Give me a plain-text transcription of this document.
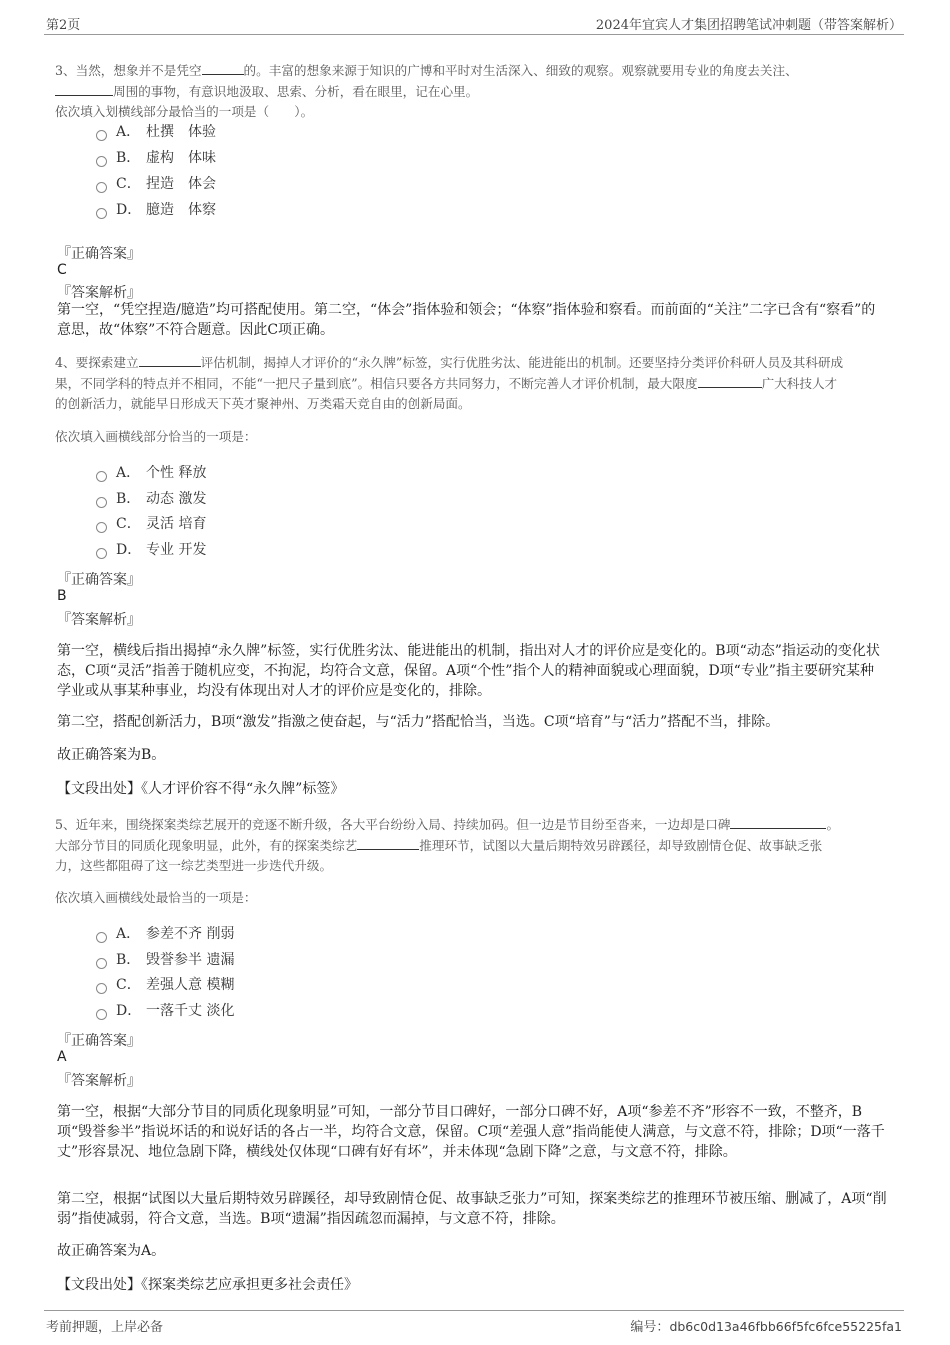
第2页	2024年宜宾人才集团招聘笔试冲刺题（带答案解析）
3、当然，想象并不是凭空	的。丰富的想象来源于知识的广博和平时对生活深入、细致的观察。观察就要用专业的角度去关注、
周围的事物，有意识地汲取、思索、分析，看在眼里，记在心里。
依次填入划横线部分最恰当的一项是（　　）。
A． 杜撰　体验
B． 虚构　体味
C． 捏造　体会
D． 臆造　体察
『正确答案』
C
『答案解析』
第一空，“凭空捏造/臆造”均可搭配使用。第二空，“体会”指体验和领会；“体察”指体验和察看。而前面的“关注”二字已含有“察看”的意思，故“体察”不符合题意。因此C项正确。
4、要探索建立	评估机制，揭掉人才评价的“永久牌”标签，实行优胜劣汰、能进能出的机制。还要坚持分类评价科研人员及其科研成
果，不同学科的特点并不相同，不能“一把尺子量到底”。相信只要各方共同努力，不断完善人才评价机制，最大限度	广大科技人才
的创新活力，就能早日形成天下英才聚神州、万类霜天竞自由的创新局面。
依次填入画横线部分恰当的一项是：
A． 个性 释放
B． 动态 激发
C． 灵活 培育
D． 专业 开发
『正确答案』
B
『答案解析』
第一空，横线后指出揭掉“永久牌”标签，实行优胜劣汰、能进能出的机制，指出对人才的评价应是变化的。B项“动态”指运动的变化状态，C项“灵活”指善于随机应变，不拘泥，均符合文意，保留。A项“个性”指个人的精神面貌或心理面貌，D项“专业”指主要研究某种学业或从事某种事业，均没有体现出对人才的评价应是变化的，排除。
第二空，搭配创新活力，B项“激发”指激之使奋起，与“活力”搭配恰当，当选。C项“培育”与“活力”搭配不当，排除。
故正确答案为B。
【文段出处】《人才评价容不得“永久牌”标签》
5、近年来，围绕探案类综艺展开的竞逐不断升级，各大平台纷纷入局、持续加码。但一边是节目纷至沓来，一边却是口碑	。
大部分节目的同质化现象明显，此外，有的探案类综艺	推理环节，试图以大量后期特效另辟蹊径，却导致剧情仓促、故事缺乏张
力，这些都阻碍了这一综艺类型进一步迭代升级。
依次填入画横线处最恰当的一项是：
A． 参差不齐 削弱
B． 毁誉参半 遗漏
C． 差强人意 模糊
D． 一落千丈 淡化
『正确答案』
A
『答案解析』
第一空，根据“大部分节目的同质化现象明显”可知，一部分节目口碑好，一部分口碑不好，A项“参差不齐”形容不一致，不整齐，B项“毁誉参半”指说坏话的和说好话的各占一半，均符合文意，保留。C项“差强人意”指尚能使人满意，与文意不符，排除；D项“一落千丈”形容景况、地位急剧下降，横线处仅体现“口碑有好有坏”，并未体现“急剧下降”之意，与文意不符，排除。
第二空，根据“试图以大量后期特效另辟蹊径，却导致剧情仓促、故事缺乏张力”可知，探案类综艺的推理环节被压缩、删减了，A项“削弱”指使减弱，符合文意，当选。B项“遗漏”指因疏忽而漏掉，与文意不符，排除。
故正确答案为A。
【文段出处】《探案类综艺应承担更多社会责任》
考前押题，上岸必备	编号：db6c0d13a46fbb66f5fc6fce55225fa1
